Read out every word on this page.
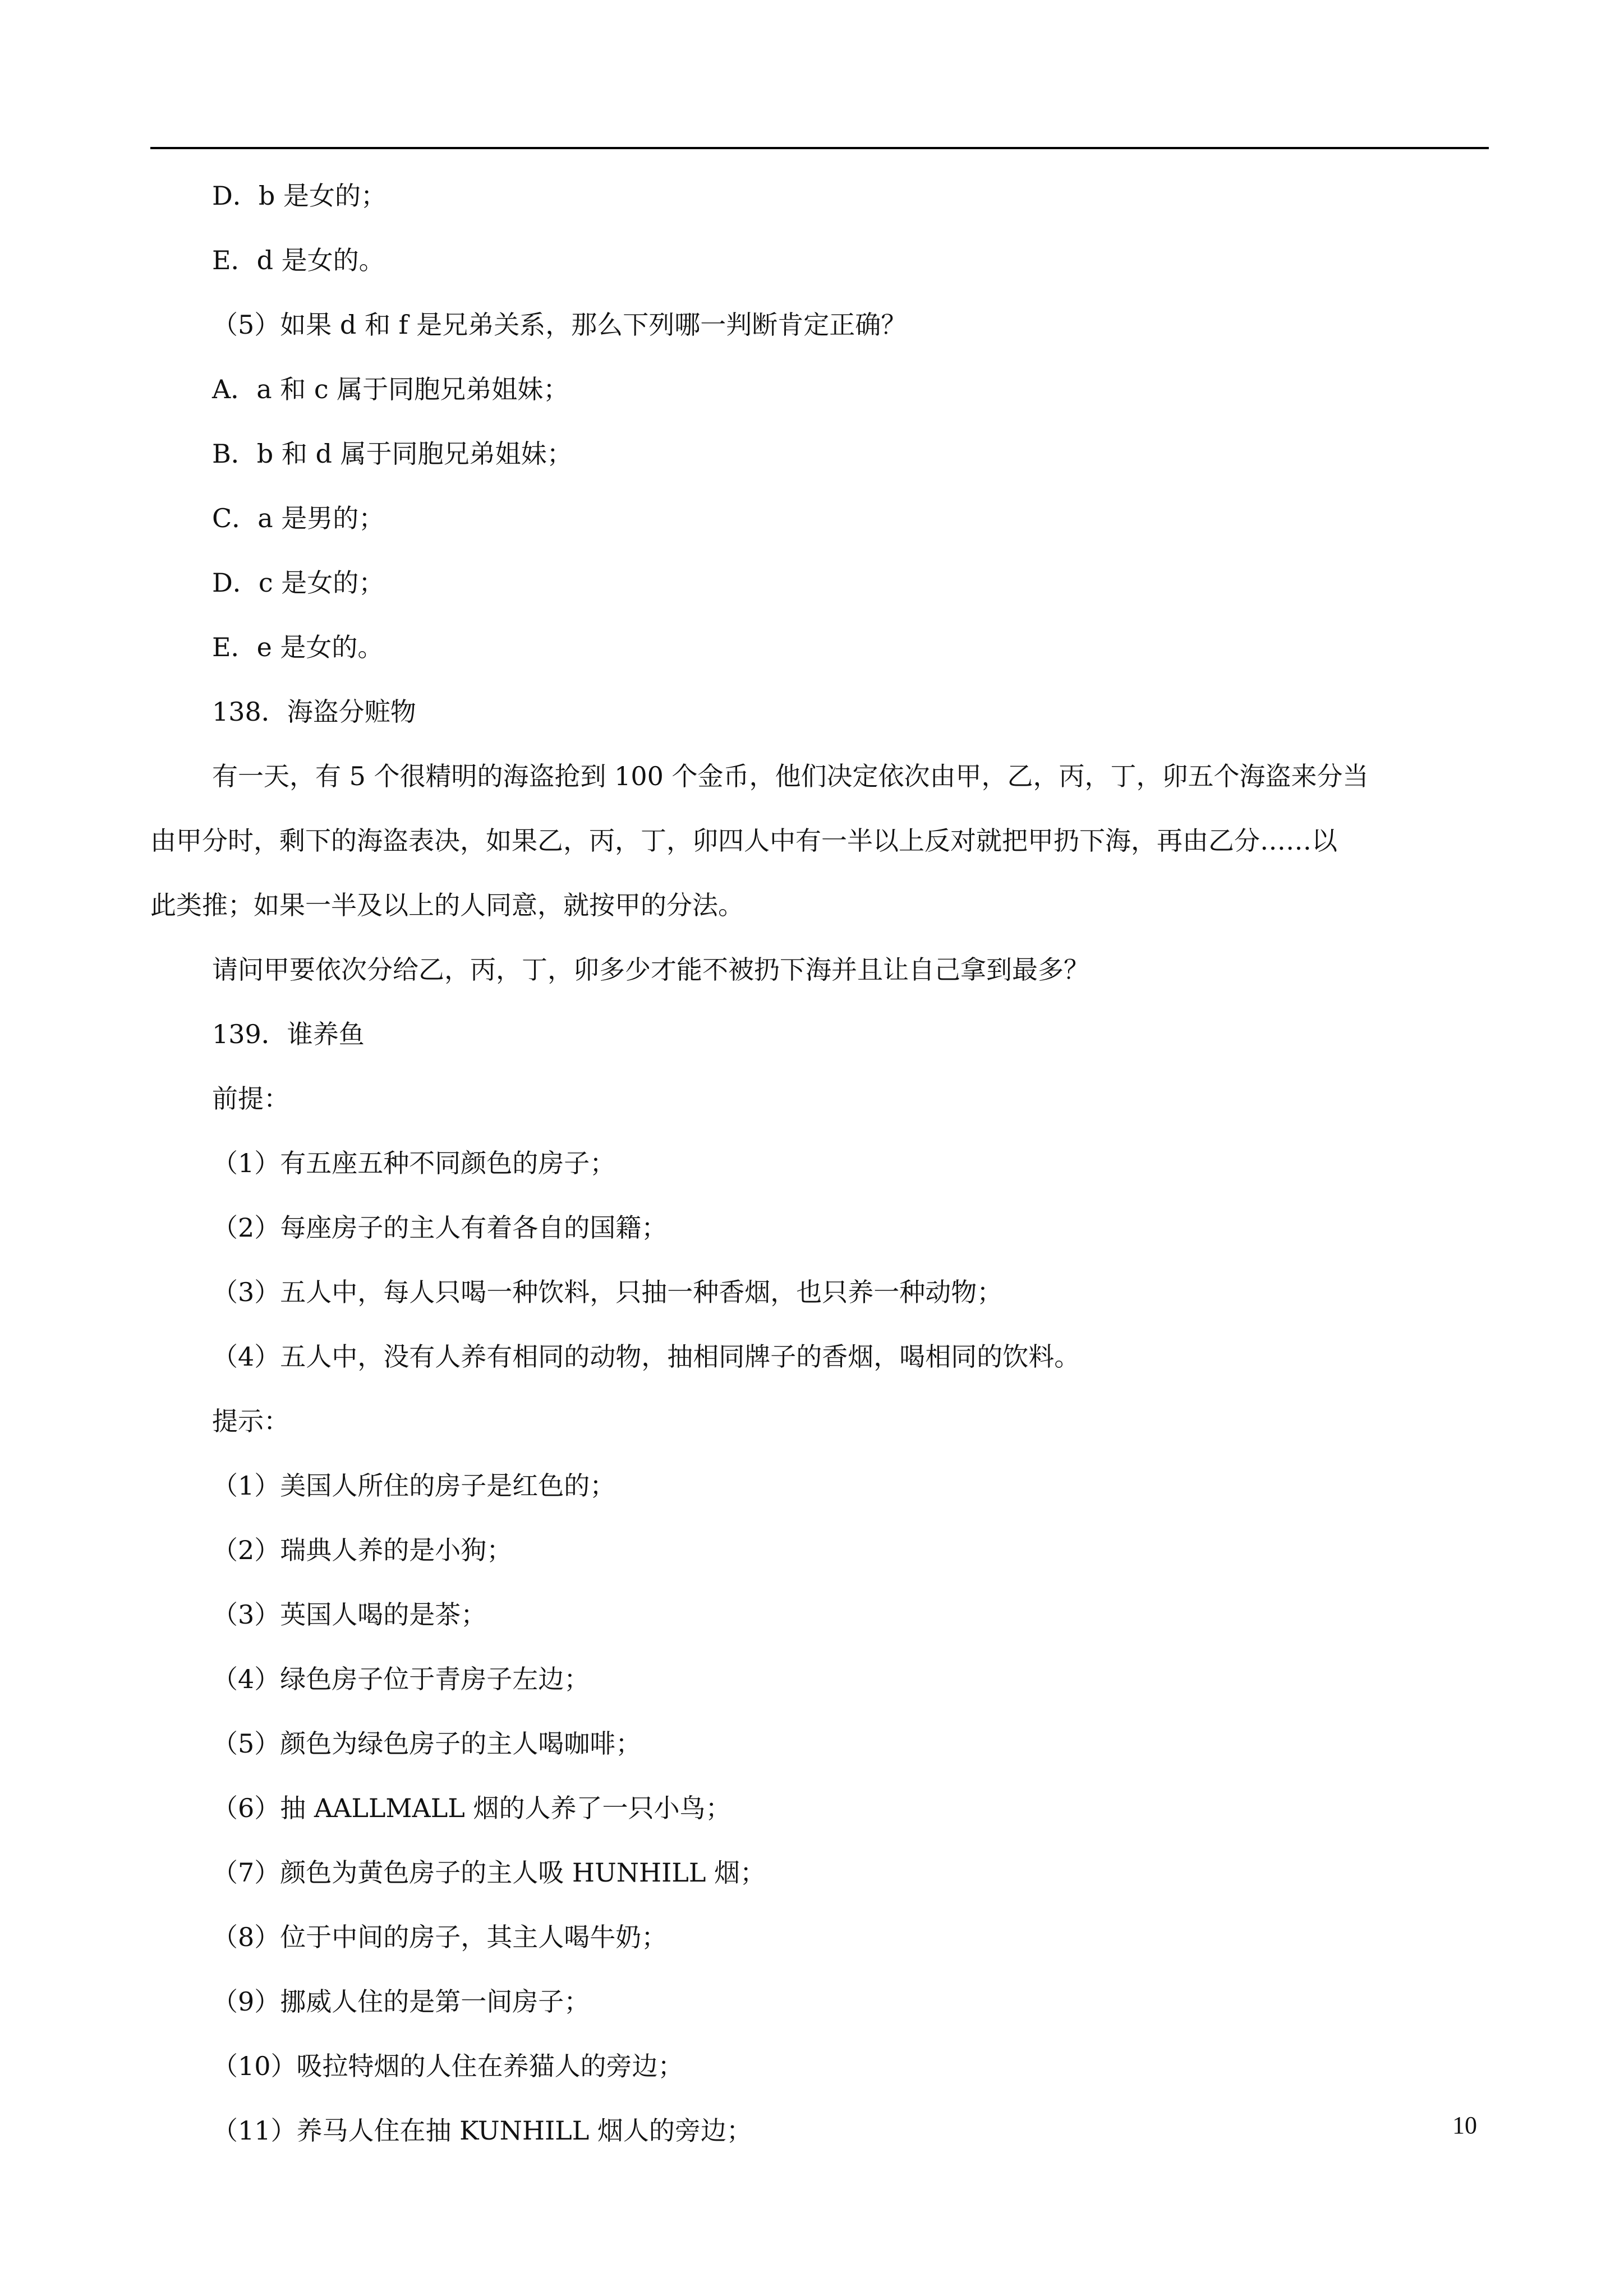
D．b 是女的；
E．d 是女的。
（5）如果 d 和 f 是兄弟关系，那么下列哪一判断肯定正确？
A．a 和 c 属于同胞兄弟姐妹；
B．b 和 d 属于同胞兄弟姐妹；
C．a 是男的；
D．c 是女的；
E．e 是女的。
138．海盗分赃物
有一天，有 5 个很精明的海盗抢到 100 个金币，他们决定依次由甲，乙，丙，丁，卯五个海盗来分当
由甲分时，剩下的海盗表决，如果乙，丙，丁，卯四人中有一半以上反对就把甲扔下海，再由乙分……以
此类推；如果一半及以上的人同意，就按甲的分法。
请问甲要依次分给乙，丙，丁，卯多少才能不被扔下海并且让自己拿到最多？
139．谁养鱼
前提：
（1）有五座五种不同颜色的房子；
（2）每座房子的主人有着各自的国籍；
（3）五人中，每人只喝一种饮料，只抽一种香烟，也只养一种动物；
（4）五人中，没有人养有相同的动物，抽相同牌子的香烟，喝相同的饮料。
提示：
（1）美国人所住的房子是红色的；
（2）瑞典人养的是小狗；
（3）英国人喝的是茶；
（4）绿色房子位于青房子左边；
（5）颜色为绿色房子的主人喝咖啡；
（6）抽 AALLMALL 烟的人养了一只小鸟；
（7）颜色为黄色房子的主人吸 HUNHILL 烟；
（8）位于中间的房子，其主人喝牛奶；
（9）挪威人住的是第一间房子；
（10）吸拉特烟的人住在养猫人的旁边；
（11）养马人住在抽 KUNHILL 烟人的旁边；	10
